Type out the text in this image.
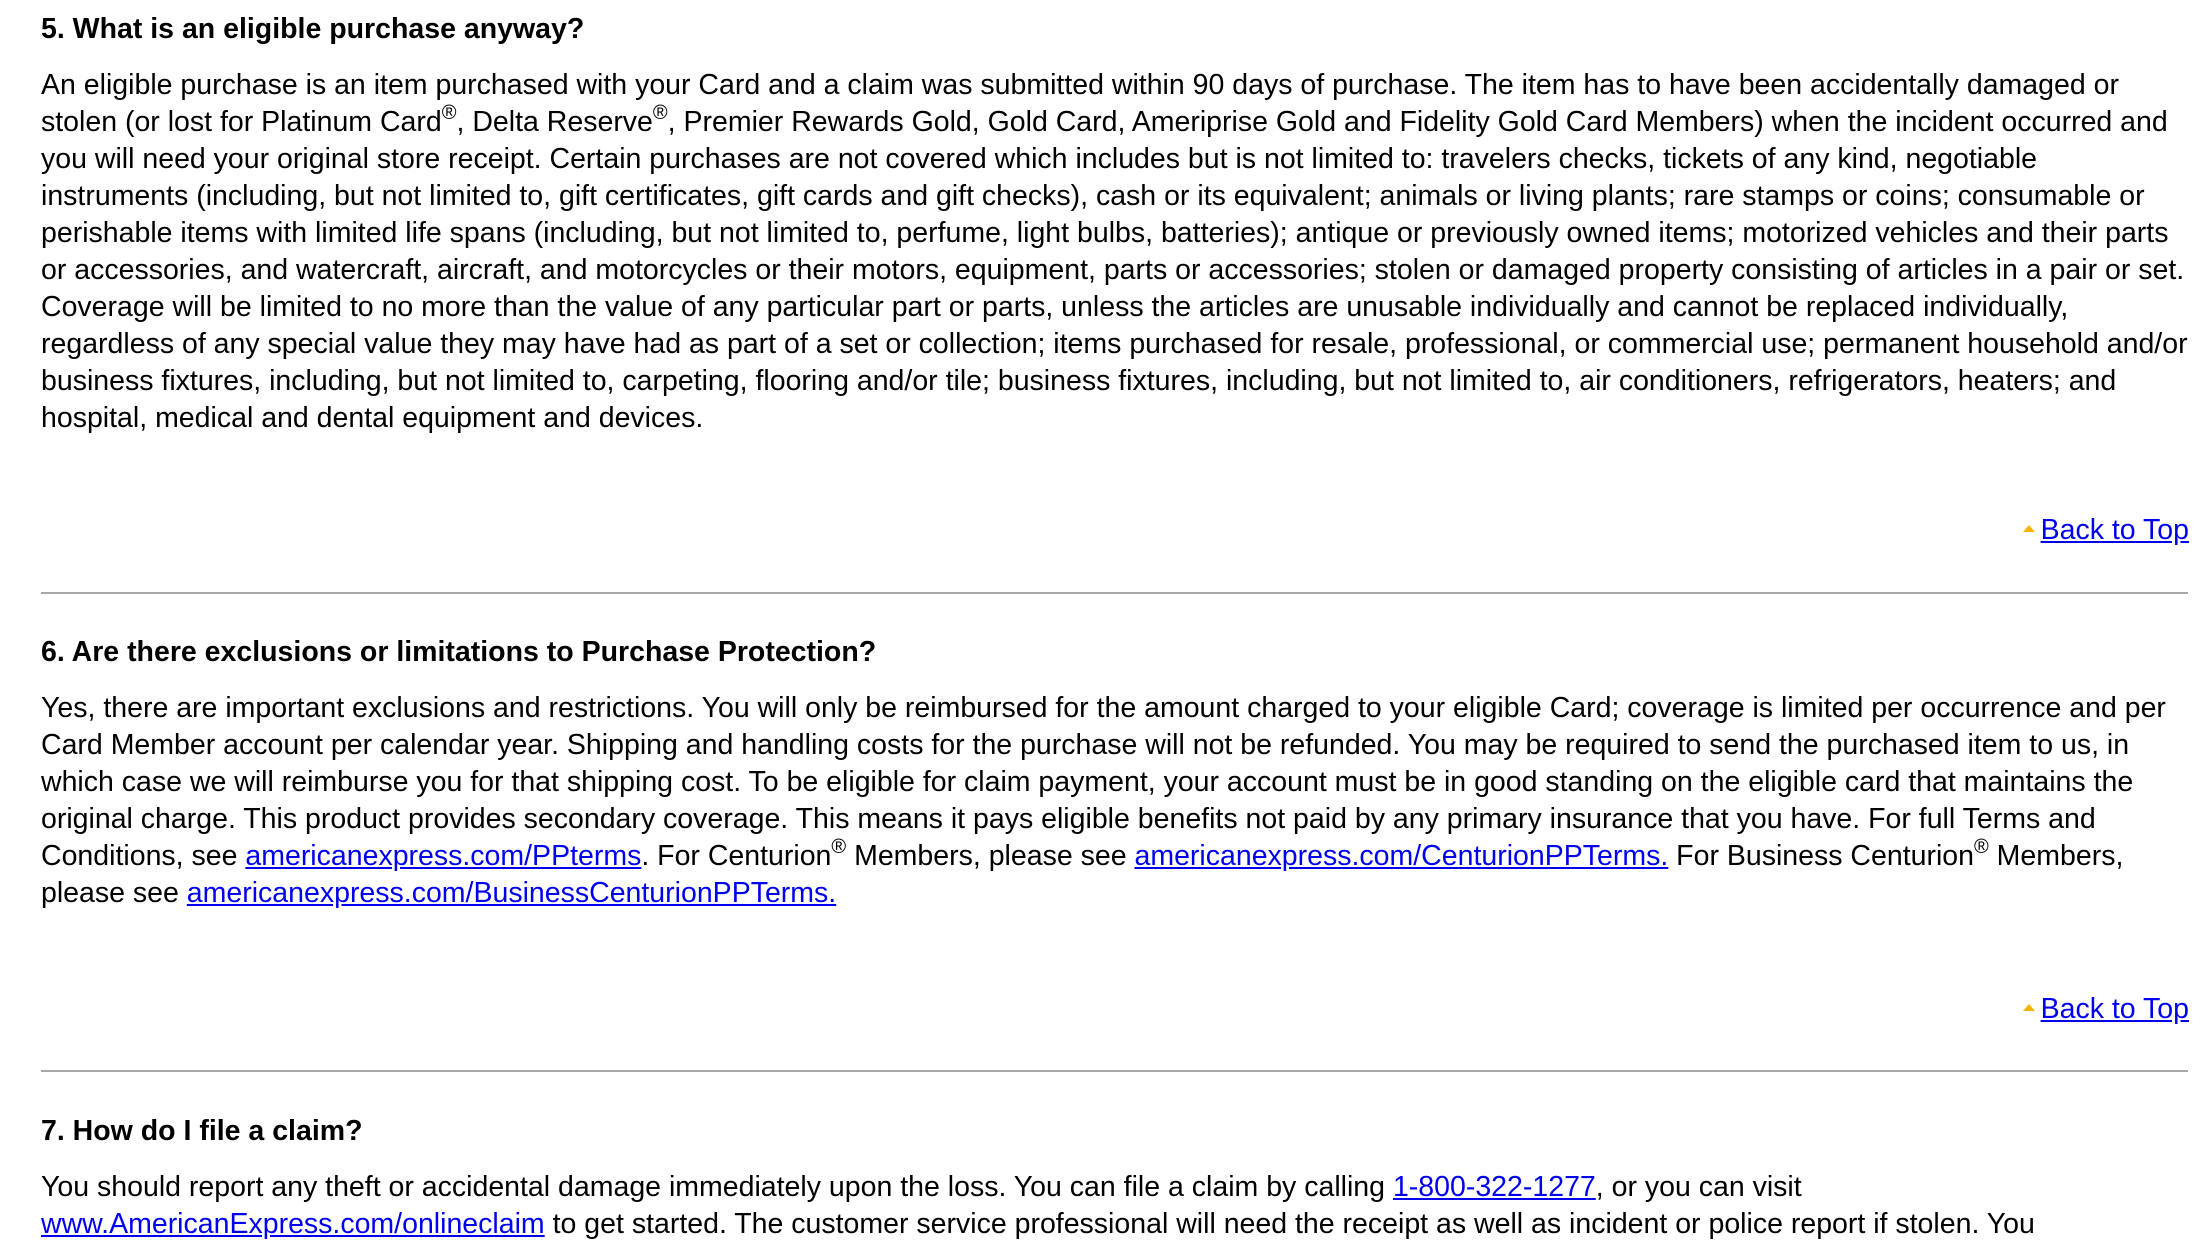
5. What is an eligible purchase anyway?

An eligible purchase is an item purchased with your Card and a claim was submitted within 90 days of purchase. The item has to have been accidentally damaged or stolen (or lost for Platinum Card®, Delta Reserve®, Premier Rewards Gold, Gold Card, Ameriprise Gold and Fidelity Gold Card Members) when the incident occurred and you will need your original store receipt. Certain purchases are not covered which includes but is not limited to: travelers checks, tickets of any kind, negotiable instruments (including, but not limited to, gift certificates, gift cards and gift checks), cash or its equivalent; animals or living plants; rare stamps or coins; consumable or perishable items with limited life spans (including, but not limited to, perfume, light bulbs, batteries); antique or previously owned items; motorized vehicles and their parts or accessories, and watercraft, aircraft, and motorcycles or their motors, equipment, parts or accessories; stolen or damaged property consisting of articles in a pair or set. Coverage will be limited to no more than the value of any particular part or parts, unless the articles are unusable individually and cannot be replaced individually, regardless of any special value they may have had as part of a set or collection; items purchased for resale, professional, or commercial use; permanent household and/or business fixtures, including, but not limited to, carpeting, flooring and/or tile; business fixtures, including, but not limited to, air conditioners, refrigerators, heaters; and hospital, medical and dental equipment and devices.

Back to Top
6. Are there exclusions or limitations to Purchase Protection?

Yes, there are important exclusions and restrictions. You will only be reimbursed for the amount charged to your eligible Card; coverage is limited per occurrence and per Card Member account per calendar year. Shipping and handling costs for the purchase will not be refunded. You may be required to send the purchased item to us, in which case we will reimburse you for that shipping cost. To be eligible for claim payment, your account must be in good standing on the eligible card that maintains the original charge. This product provides secondary coverage. This means it pays eligible benefits not paid by any primary insurance that you have. For full Terms and Conditions, see americanexpress.com/PPterms. For Centurion® Members, please see americanexpress.com/CenturionPPTerms. For Business Centurion® Members, please see americanexpress.com/BusinessCenturionPPTerms.

Back to Top
7. How do I file a claim?

You should report any theft or accidental damage immediately upon the loss. You can file a claim by calling 1-800-322-1277, or you can visit www.AmericanExpress.com/onlineclaim to get started. The customer service professional will need the receipt as well as incident or police report if stolen. You
